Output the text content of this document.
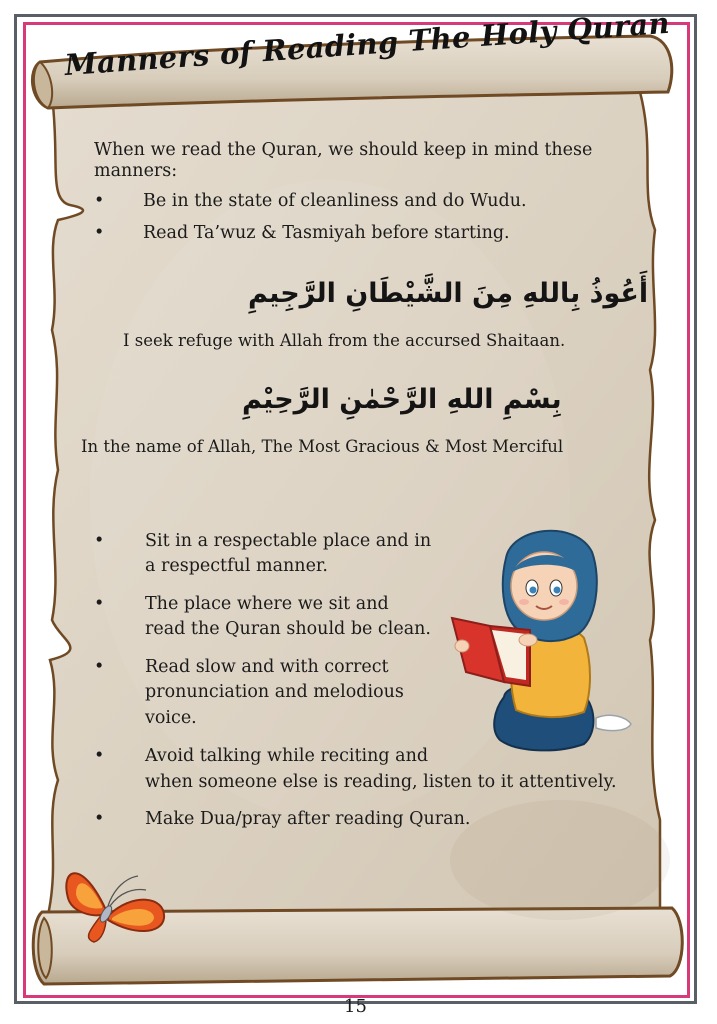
Manners of Reading The Holy Quran
When we read the Quran, we should keep in mind these
manners:
• Be in the state of cleanliness and do Wudu.
• Read Ta’wuz & Tasmiyah before starting.
أَعُوذُ بِاللهِ مِنَ الشَّيْطَانِ الرَّجِيمِ
I seek refuge with Allah from the accursed Shaitaan.
بِسْمِ اللهِ الرَّحْمٰنِ الرَّحِيْمِ
In the name of Allah, The Most Gracious & Most Merciful
• Sit in a respectable place and in
a respectful manner.
• The place where we sit and
read the Quran should be clean.
• Read slow and with correct
pronunciation and melodious
voice.
• Avoid talking while reciting and
when someone else is reading, listen to it attentively.
• Make Dua/pray after reading Quran.
15
